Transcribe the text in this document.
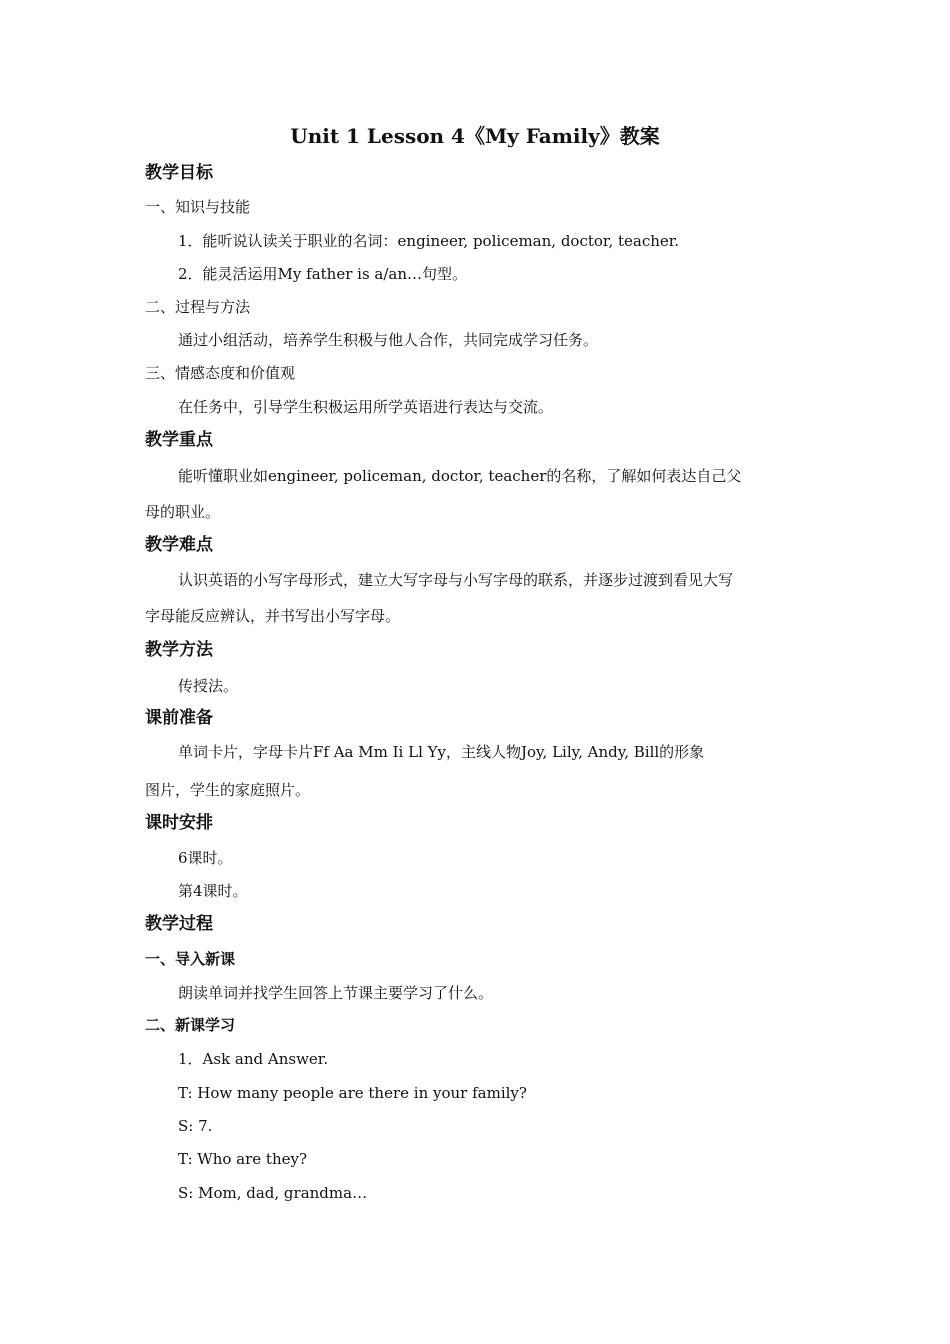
Unit 1 Lesson 4《My Family》教案
教学目标
一、知识与技能
1．能听说认读关于职业的名词：engineer, policeman, doctor, teacher.
2．能灵活运用My father is a/an…句型。
二、过程与方法
通过小组活动，培养学生积极与他人合作，共同完成学习任务。
三、情感态度和价值观
在任务中，引导学生积极运用所学英语进行表达与交流。
教学重点
能听懂职业如engineer, policeman, doctor, teacher的名称，了解如何表达自己父
母的职业。
教学难点
认识英语的小写字母形式，建立大写字母与小写字母的联系，并逐步过渡到看见大写
字母能反应辨认，并书写出小写字母。
教学方法
传授法。
课前准备
单词卡片，字母卡片Ff Aa Mm Ii Ll Yy，主线人物Joy, Lily, Andy, Bill的形象
图片，学生的家庭照片。
课时安排
6课时。
第4课时。
教学过程
一、导入新课
朗读单词并找学生回答上节课主要学习了什么。
二、新课学习
1．Ask and Answer.
T: How many people are there in your family?
S: 7.
T: Who are they?
S: Mom, dad, grandma…
